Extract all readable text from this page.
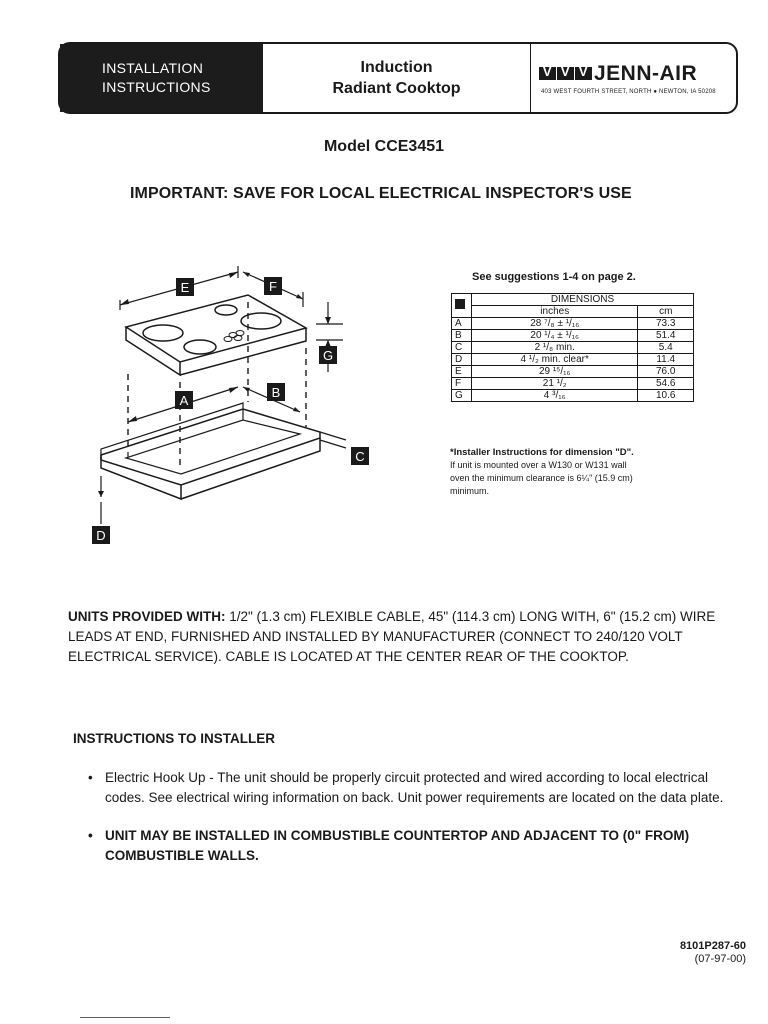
INSTALLATION
INSTRUCTIONS
Induction
Radiant Cooktop
V
V
V
JENN-AIR
403 WEST FOURTH STREET, NORTH ● NEWTON, IA 50208
Model CCE3451
IMPORTANT: SAVE FOR LOCAL ELECTRICAL INSPECTOR'S USE
E	F
G
A
B
C
D
See suggestions 1-4 on page 2.
	DIMENSIONS	
	inches	cm
A	28 ⁷/₈ ± ¹/₁₆	73.3
B	20 ¹/₄ ± ¹/₁₆	51.4
C	2 ¹/₈ min.	5.4
D	4 ¹/₂ min. clear*	11.4
E	29 ¹⁵/₁₆	76.0
F	21 ¹/₂	54.6
G	4 ³/₁₆	10.6
*Installer Instructions for dimension "D".
If unit is mounted over a W130 or W131 wall
oven the minimum clearance is 6¼" (15.9 cm)
minimum.
UNITS PROVIDED WITH: 1/2" (1.3 cm) FLEXIBLE CABLE, 45" (114.3 cm) LONG WITH, 6" (15.2 cm) WIRE LEADS AT END, FURNISHED AND INSTALLED BY MANUFACTURER (CONNECT TO 240/120 VOLT ELECTRICAL SERVICE). CABLE IS LOCATED AT THE CENTER REAR OF THE COOKTOP.
INSTRUCTIONS TO INSTALLER
• Electric Hook Up - The unit should be properly circuit protected and wired according to local electrical codes. See electrical wiring information on back. Unit power requirements are located on the data plate.
• UNIT MAY BE INSTALLED IN COMBUSTIBLE COUNTERTOP AND ADJACENT TO (0" FROM) COMBUSTIBLE WALLS.
8101P287-60
(07-97-00)
